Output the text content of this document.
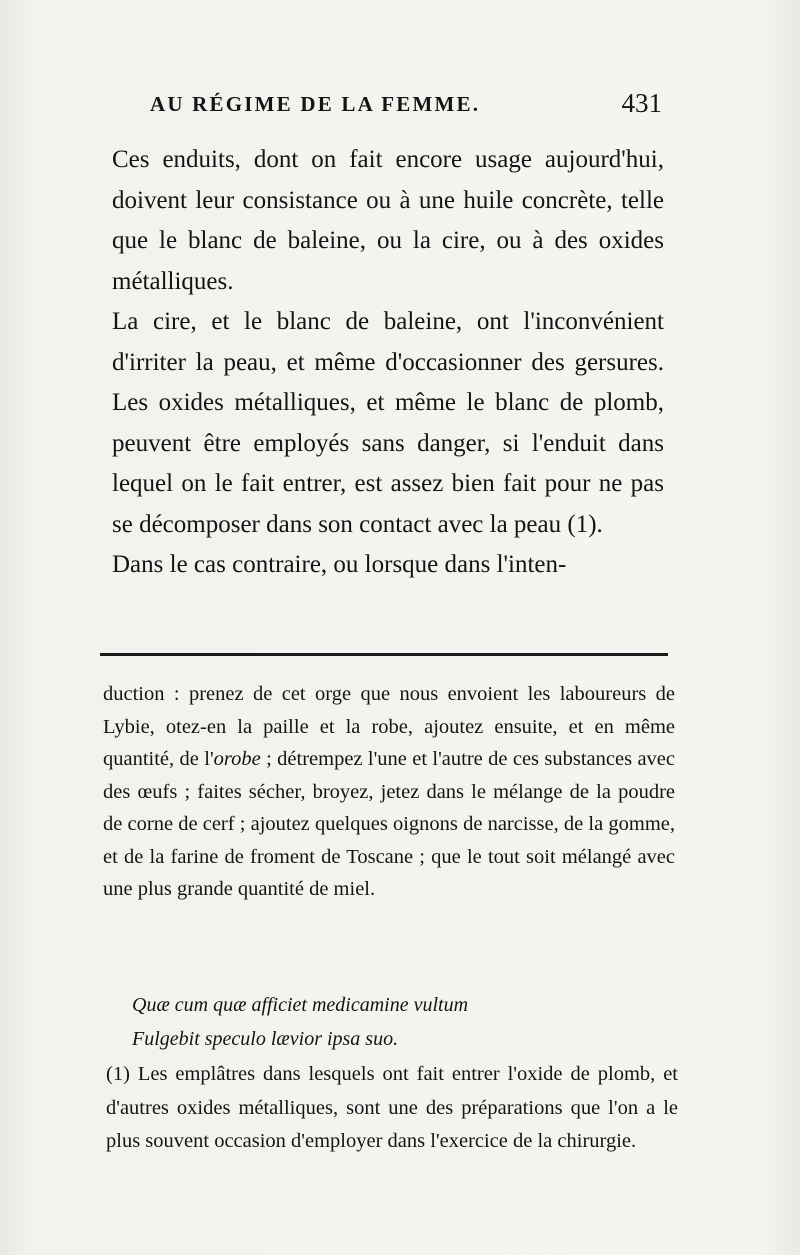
AU RÉGIME DE LA FEMME.	431

Ces enduits, dont on fait encore usage aujourd'hui, doivent leur consistance ou à une huile concrète, telle que le blanc de baleine, ou la cire, ou à des oxides métalliques.

La cire, et le blanc de baleine, ont l'inconvénient d'irriter la peau, et même d'occasionner des gersures. Les oxides métalliques, et même le blanc de plomb, peuvent être employés sans danger, si l'enduit dans lequel on le fait entrer, est assez bien fait pour ne pas se décomposer dans son contact avec la peau (1).

Dans le cas contraire, ou lorsque dans l'inten-

duction : prenez de cet orge que nous envoient les laboureurs de Lybie, otez-en la paille et la robe, ajoutez ensuite, et en même quantité, de l'orobe ; détrempez l'une et l'autre de ces substances avec des œufs ; faites sécher, broyez, jetez dans le mélange de la poudre de corne de cerf ; ajoutez quelques oignons de narcisse, de la gomme, et de la farine de froment de Toscane ; que le tout soit mélangé avec une plus grande quantité de miel.

Quæ cum quæ afficiet medicamine vultum
Fulgebit speculo lævior ipsa suo.

(1) Les emplâtres dans lesquels ont fait entrer l'oxide de plomb, et d'autres oxides métalliques, sont une des préparations que l'on a le plus souvent occasion d'employer dans l'exercice de la chirurgie.
